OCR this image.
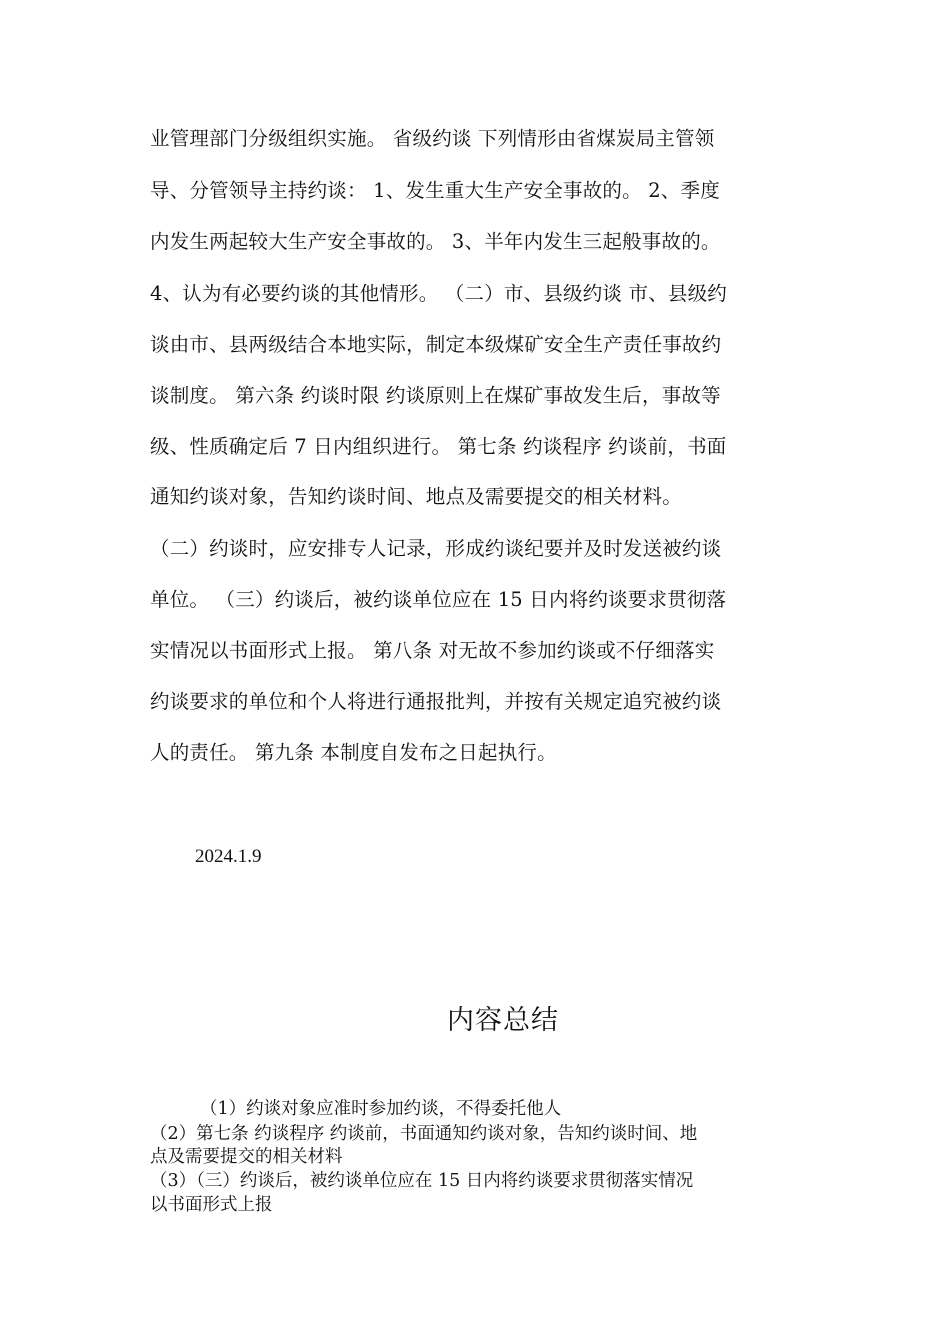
业管理部门分级组织实施。 省级约谈 下列情形由省煤炭局主管领
导、分管领导主持约谈： 1、发生重大生产安全事故的。 2、季度
内发生两起较大生产安全事故的。 3、半年内发生三起般事故的。
4、认为有必要约谈的其他情形。 （二）市、县级约谈 市、县级约
谈由市、县两级结合本地实际，制定本级煤矿安全生产责任事故约
谈制度。 第六条 约谈时限 约谈原则上在煤矿事故发生后，事故等
级、性质确定后 7 日内组织进行。 第七条 约谈程序 约谈前，书面
通知约谈对象，告知约谈时间、地点及需要提交的相关材料。
（二）约谈时，应安排专人记录，形成约谈纪要并及时发送被约谈
单位。 （三）约谈后，被约谈单位应在 15 日内将约谈要求贯彻落
实情况以书面形式上报。 第八条 对无故不参加约谈或不仔细落实
约谈要求的单位和个人将进行通报批判，并按有关规定追究被约谈
人的责任。 第九条 本制度自发布之日起执行。
2024.1.9
内容总结
（1）约谈对象应准时参加约谈，不得委托他人
（2）第七条 约谈程序 约谈前，书面通知约谈对象，告知约谈时间、地
点及需要提交的相关材料
（3）（三）约谈后，被约谈单位应在 15 日内将约谈要求贯彻落实情况
以书面形式上报
